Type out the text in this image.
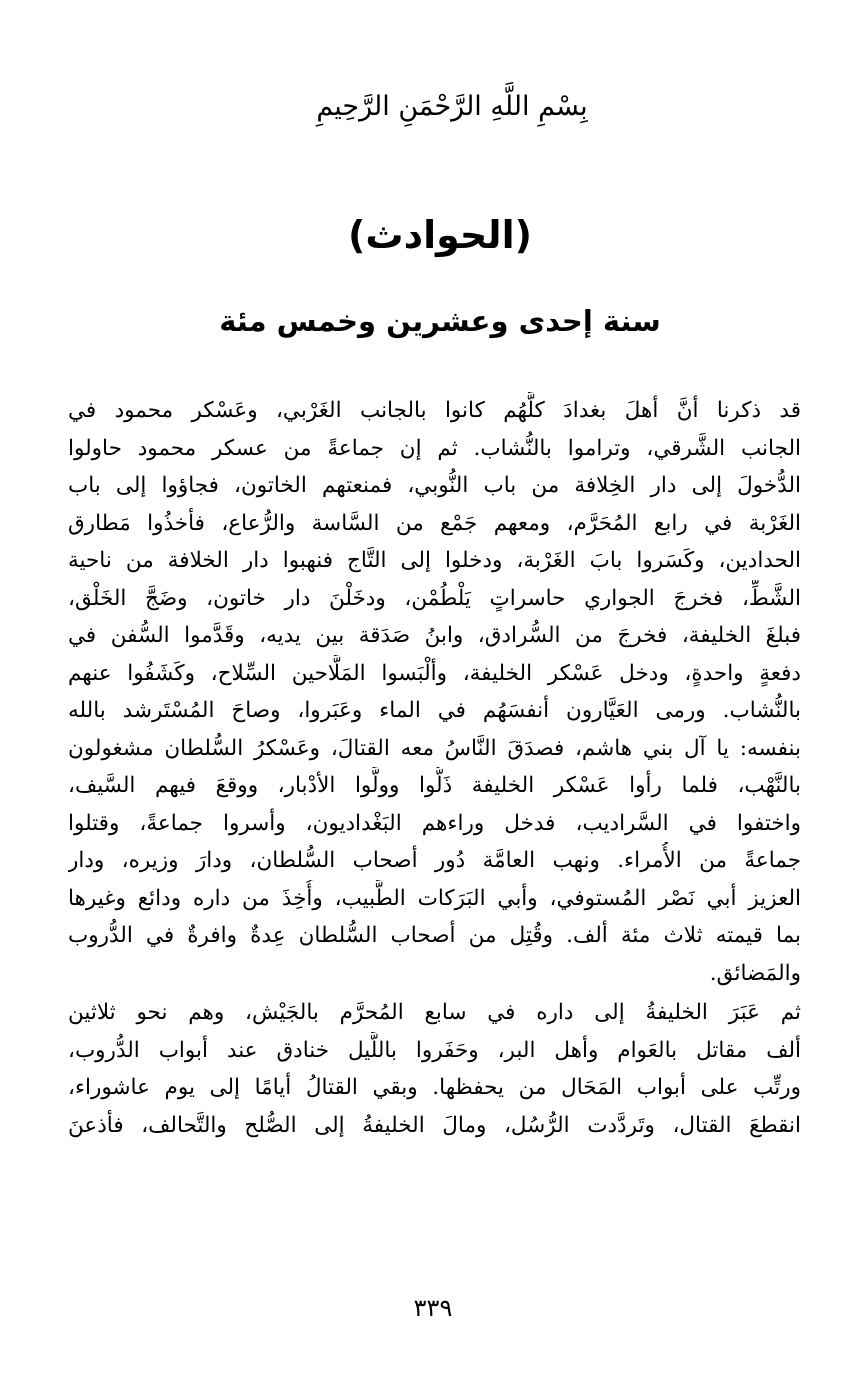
بِسْمِ اللَّهِ الرَّحْمَنِ الرَّحِيمِ
(الحوادث)
سنة إحدى وعشرين وخمس مئة
قد ذكرنا أنَّ أهلَ بغدادَ كلَّهُم كانوا بالجانب الغَرْبي، وعَسْكر محمود في
الجانب الشَّرقي، وتراموا بالنُّشاب. ثم إن جماعةً من عسكر محمود حاولوا
الدُّخولَ إلى دار الخِلافة من باب النُّوبي، فمنعتهم الخاتون، فجاؤوا إلى باب
الغَرْبة في رابع المُحَرَّم، ومعهم جَمْع من السَّاسة والرُّعاع، فأخذُوا مَطارق
الحدادين، وكَسَروا بابَ الغَرْبة، ودخلوا إلى التَّاج فنهبوا دار الخلافة من ناحية
الشَّطِّ، فخرجَ الجواري حاسراتٍ يَلْطُمْن، ودخَلْنَ دار خاتون، وضَجَّ الخَلْق،
فبلغَ الخليفة، فخرجَ من السُّرادق، وابنُ صَدَقة بين يديه، وقَدَّموا السُّفن في
دفعةٍ واحدةٍ، ودخل عَسْكر الخليفة، وألْبَسوا المَلَّاحين السِّلاح، وكَشَفُوا عنهم
بالنُّشاب. ورمى العَيَّارون أنفسَهُم في الماء وعَبَروا، وصاحَ المُسْتَرشد بالله
بنفسه: يا آل بني هاشم، فصدَقَ النَّاسُ معه القتالَ، وعَسْكرُ السُّلطان مشغولون
بالنَّهْب، فلما رأوا عَسْكر الخليفة ذَلُّوا وولَّوا الأدْبار، ووقعَ فيهم السَّيف،
واختفوا في السَّراديب، فدخل وراءهم البَغْداديون، وأسروا جماعةً، وقتلوا
جماعةً من الأُمراء. ونهب العامَّة دُور أصحاب السُّلطان، ودارَ وزيره، ودار
العزيز أبي نَصْر المُستوفي، وأبي البَرَكات الطَّبيب، وأُخِذَ من داره ودائع وغيرها
بما قيمته ثلاث مئة ألف. وقُتِل من أصحاب السُّلطان عِدةٌ وافرةٌ في الدُّروب
والمَضائق.
ثم عَبَرَ الخليفةُ إلى داره في سابع المُحرَّم بالجَيْش، وهم نحو ثلاثين
ألف مقاتل بالعَوام وأهل البر، وحَفَروا باللَّيل خنادق عند أبواب الدُّروب،
ورتِّب على أبواب المَحَال من يحفظها. وبقي القتالُ أيامًا إلى يوم عاشوراء،
انقطعَ القتال، وتَردَّدت الرُّسُل، ومالَ الخليفةُ إلى الصُّلح والتَّحالف، فأذعنَ
٣٣٩
